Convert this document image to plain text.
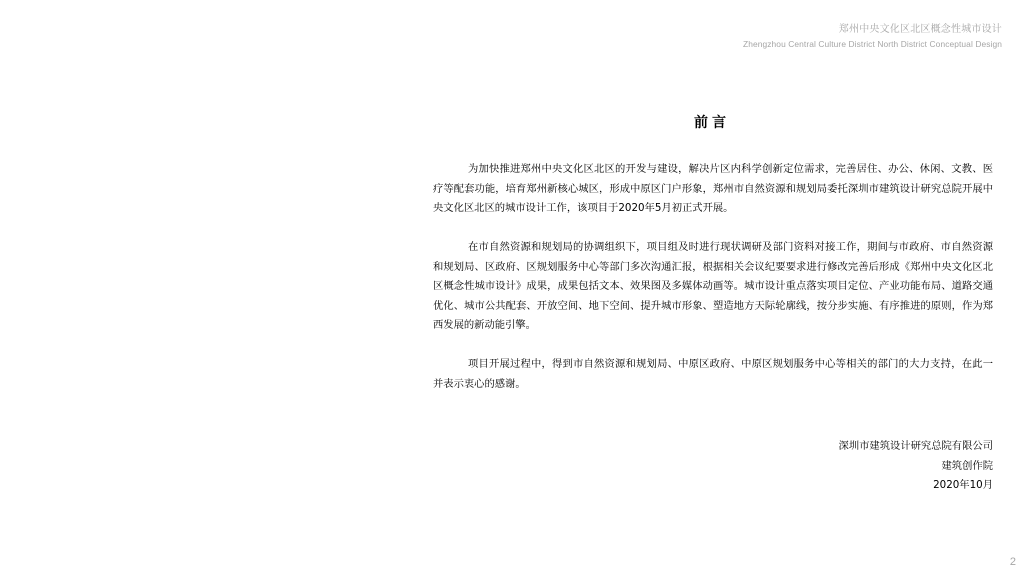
郑州中央文化区北区概念性城市设计
Zhengzhou Central Culture District North District Conceptual Design
前言

为加快推进郑州中央文化区北区的开发与建设，解决片区内科学创新定位需求，完善居住、办公、休闲、文教、医疗等配套功能，培育郑州新核心城区，形成中原区门户形象，郑州市自然资源和规划局委托深圳市建筑设计研究总院开展中央文化区北区的城市设计工作，该项目于2020年5月初正式开展。

在市自然资源和规划局的协调组织下，项目组及时进行现状调研及部门资料对接工作，期间与市政府、市自然资源和规划局、区政府、区规划服务中心等部门多次沟通汇报，根据相关会议纪要要求进行修改完善后形成《郑州中央文化区北区概念性城市设计》成果，成果包括文本、效果图及多媒体动画等。城市设计重点落实项目定位、产业功能布局、道路交通优化、城市公共配套、开放空间、地下空间、提升城市形象、塑造地方天际轮廓线，按分步实施、有序推进的原则，作为郑西发展的新动能引擎。

项目开展过程中，得到市自然资源和规划局、中原区政府、中原区规划服务中心等相关的部门的大力支持，在此一并表示衷心的感谢。

深圳市建筑设计研究总院有限公司
建筑创作院
2020年10月
2
